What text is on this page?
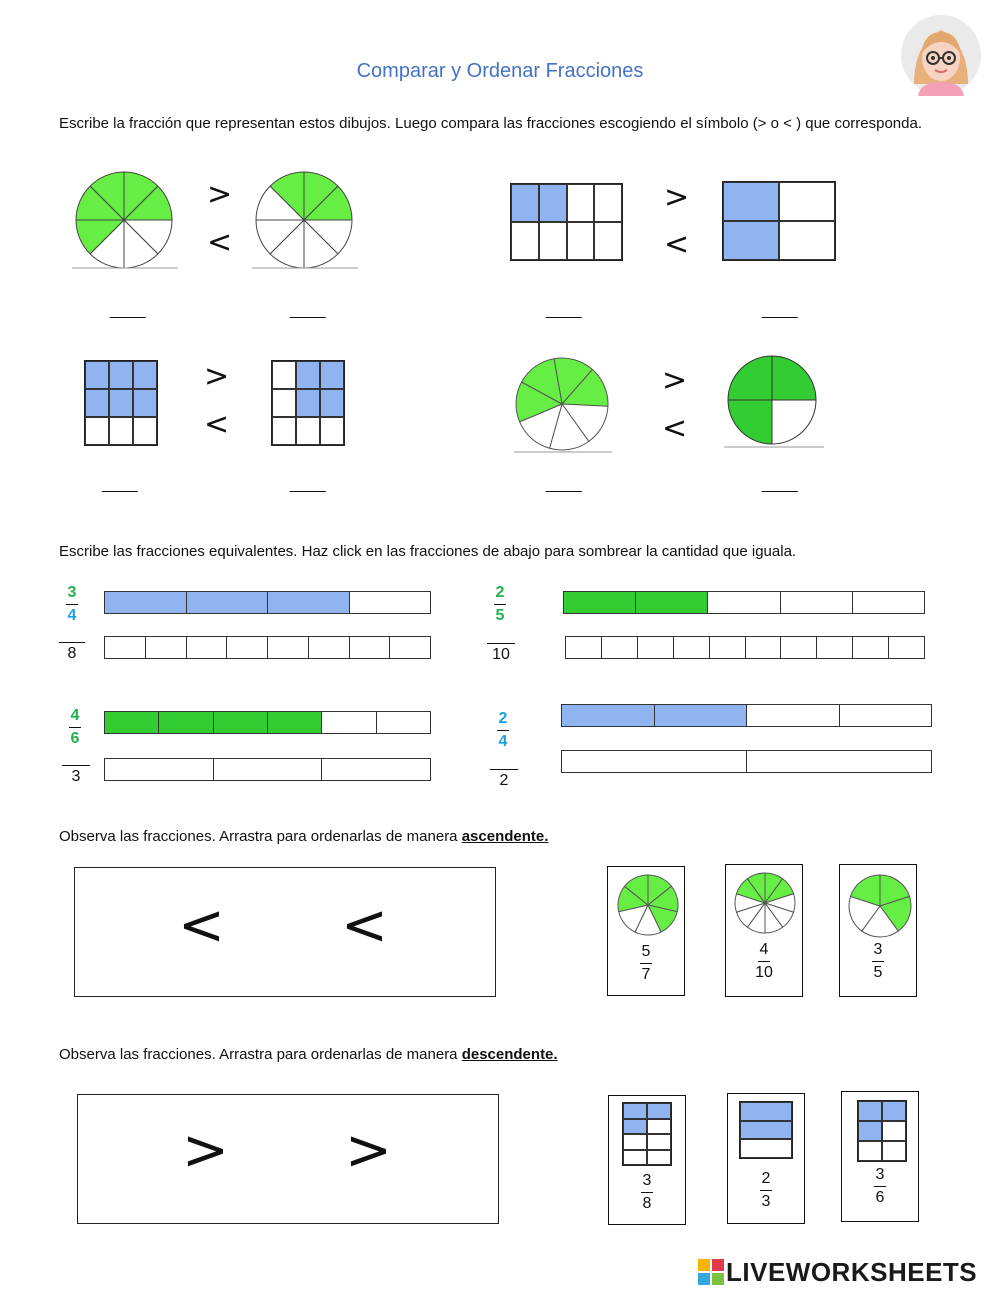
Comparar y Ordenar Fracciones
Escribe la fracción que representan estos dibujos. Luego compara las fracciones escogiendo el símbolo (> o < ) que corresponda.
>
<
____	____
>
<
____	____
>
<
____	____
>
<
____	____
Escribe las fracciones equivalentes. Haz click en las fracciones de abajo para sombrear la cantidad que iguala.
$\frac{3}{4}$
8
$\frac{2}{5}$
10
$\frac{4}{6}$
3
$\frac{2}{4}$
2
Observa las fracciones. Arrastra para ordenarlas de manera ascendente.
< <
$\frac{5}{7}$	$\frac{4}{10} \frac{3}{5}$
Observa las fracciones. Arrastra para ordenarlas de manera descendente.
> >
$\frac{3}{8}$	$\frac{2}{3} \frac{3}{6}$
LIVEWORKSHEETS
